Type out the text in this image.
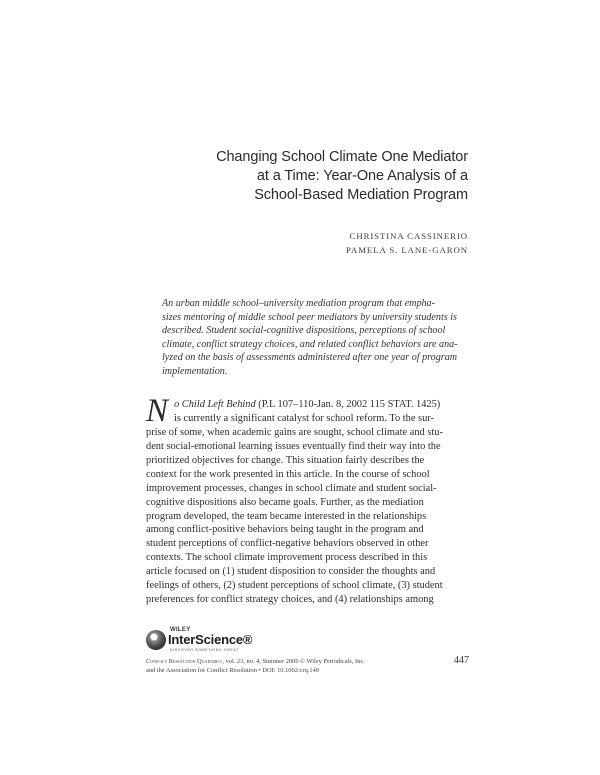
Changing School Climate One Mediator
at a Time: Year-One Analysis of a
School-Based Mediation Program
CHRISTINA CASSINERIO
PAMELA S. LANE-GARON
An urban middle school–university mediation program that empha-
sizes mentoring of middle school peer mediators by university students is
described. Student social-cognitive dispositions, perceptions of school
climate, conflict strategy choices, and related conflict behaviors are ana-
lyzed on the basis of assessments administered after one year of program
implementation.
N o Child Left Behind (P.L 107–110-Jan. 8, 2002 115 STAT. 1425)
is currently a significant catalyst for school reform. To the sur-
prise of some, when academic gains are sought, school climate and stu-
dent social-emotional learning issues eventually find their way into the
prioritized objectives for change. This situation fairly describes the
context for the work presented in this article. In the course of school
improvement processes, changes in school climate and student social-
cognitive dispositions also became goals. Further, as the mediation
program developed, the team became interested in the relationships
among conflict-positive behaviors being taught in the program and
student perceptions of conflict-negative behaviors observed in other
contexts. The school climate improvement process described in this
article focused on (1) student disposition to consider the thoughts and
feelings of others, (2) student perceptions of school climate, (3) student
preferences for conflict strategy choices, and (4) relationships among
WILEY
InterScience®
DISCOVER SOMETHING GREAT
Conflict Resolution Quarterly, vol. 23, no. 4, Summer 2006 © Wiley Periodicals, Inc.
and the Association for Conflict Resolution • DOI: 10.1002/crq.149
447
